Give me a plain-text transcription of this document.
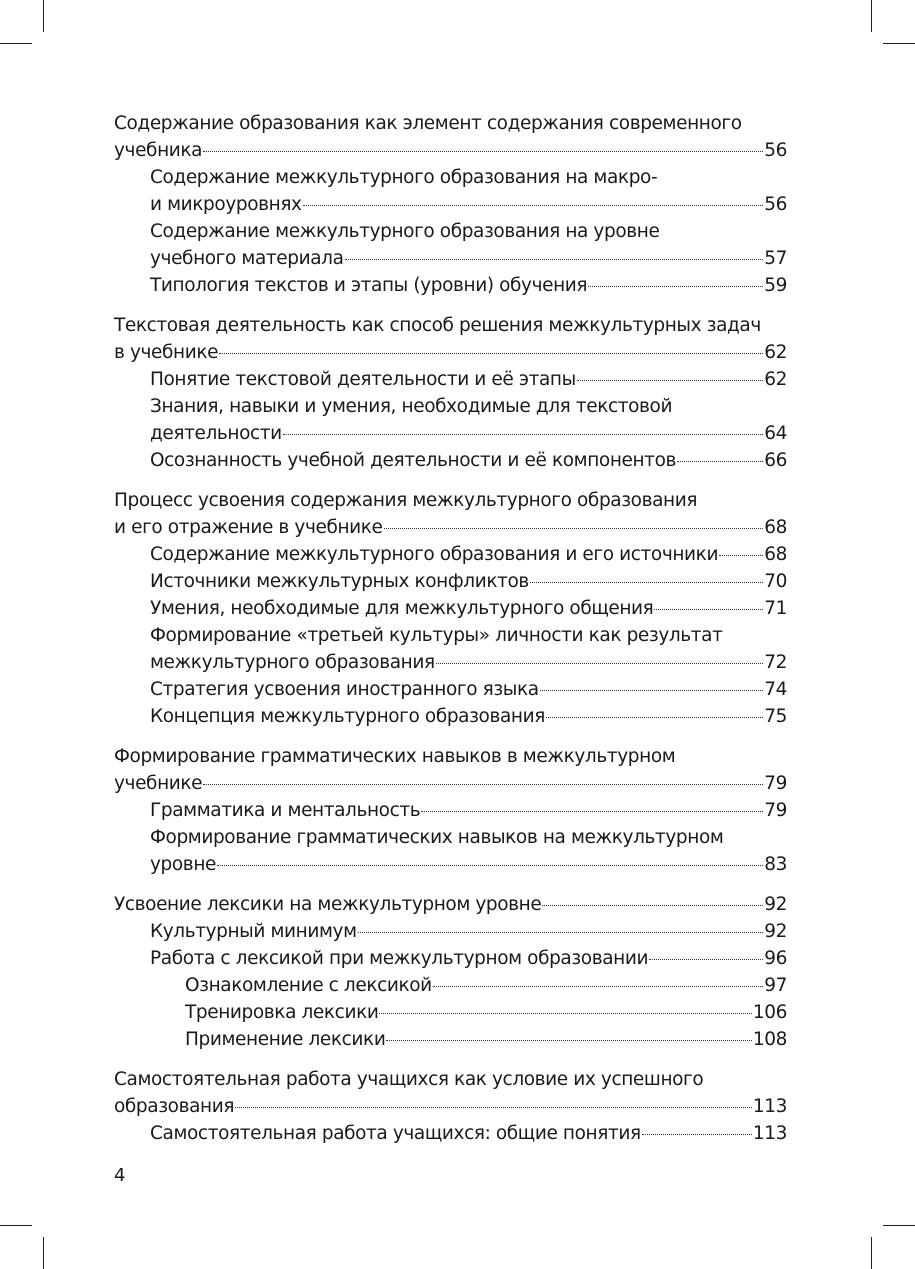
Содержание образования как элемент содержания современного
учебника	56
Содержание межкультурного образования на макро-
и микроуровнях	56
Содержание межкультурного образования на уровне
учебного материала	57
Типология текстов и этапы (уровни) обучения	59
Текстовая деятельность как способ решения межкультурных задач
в учебнике	62
Понятие текстовой деятельности и её этапы	62
Знания, навыки и умения, необходимые для текстовой
деятельности	64
Осознанность учебной деятельности и её компонентов	66
Процесс усвоения содержания межкультурного образования
и его отражение в учебнике	68
Содержание межкультурного образования и его источники 68
Источники межкультурных конфликтов	70
Умения, необходимые для межкультурного общения	71
Формирование «третьей культуры» личности как результат
межкультурного образования	72
Стратегия усвоения иностранного языка	74
Концепция межкультурного образования	75
Формирование грамматических навыков в межкультурном
учебнике	79
Грамматика и ментальность	79
Формирование грамматических навыков на межкультурном
уровне	83
Усвоение лексики на межкультурном уровне	92
Культурный минимум	92
Работа с лексикой при межкультурном образовании	96
Ознакомление с лексикой	97
Тренировка лексики	106
Применение лексики	108
Самостоятельная работа учащихся как условие их успешного
образования	113
Самостоятельная работа учащихся: общие понятия	113
4
